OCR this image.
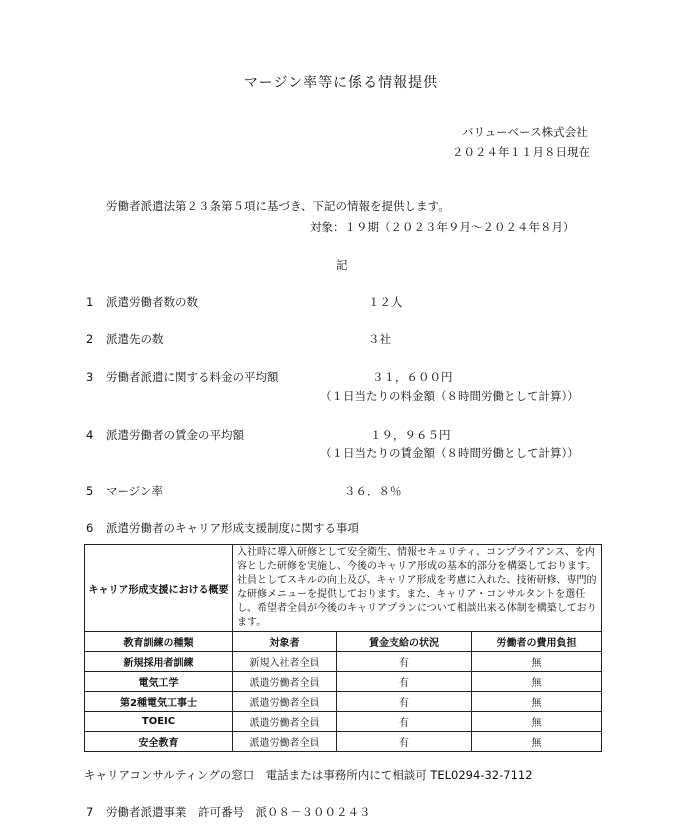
マージン率等に係る情報提供
バリューベース株式会社
２０２４年１１月８日現在
労働者派遣法第２３条第５項に基づき、下記の情報を提供します。
対象：１９期（２０２３年９月～２０２４年８月）
記
1 派遣労働者数の数	１２人
2 派遣先の数	３社
3 労働者派遣に関する料金の平均額	３１，６００円
（１日当たりの料金額（８時間労働として計算））
4 派遣労働者の賃金の平均額	１９，９６５円
（１日当たりの賃金額（８時間労働として計算））
5 マージン率	３６．８％
6 派遣労働者のキャリア形成支援制度に関する事項
キャリア形成支援における概要	入社時に導入研修として安全衛生、情報セキュリティ、コンプライアンス、を内容とした研修を実施し、今後のキャリア形成の基本的部分を構築しております。社員としてスキルの向上及び、キャリア形成を考慮に入れた、技術研修、専門的な研修メニューを提供しております。また、キャリア・コンサルタントを選任し、希望者全員が今後のキャリアプランについて相談出来る体制を構築しております。		
教育訓練の種類	対象者	賃金支給の状況	労働者の費用負担
新規採用者訓練	新規入社者全員	有	無
電気工学	派遣労働者全員	有	無
第2種電気工事士	派遣労働者全員	有	無
TOEIC	派遣労働者全員	有	無
安全教育	派遣労働者全員	有	無
キャリアコンサルティングの窓口　電話または事務所内にて相談可 TEL0294-32-7112
7 労働者派遣事業　許可番号　派０８－３００２４３
